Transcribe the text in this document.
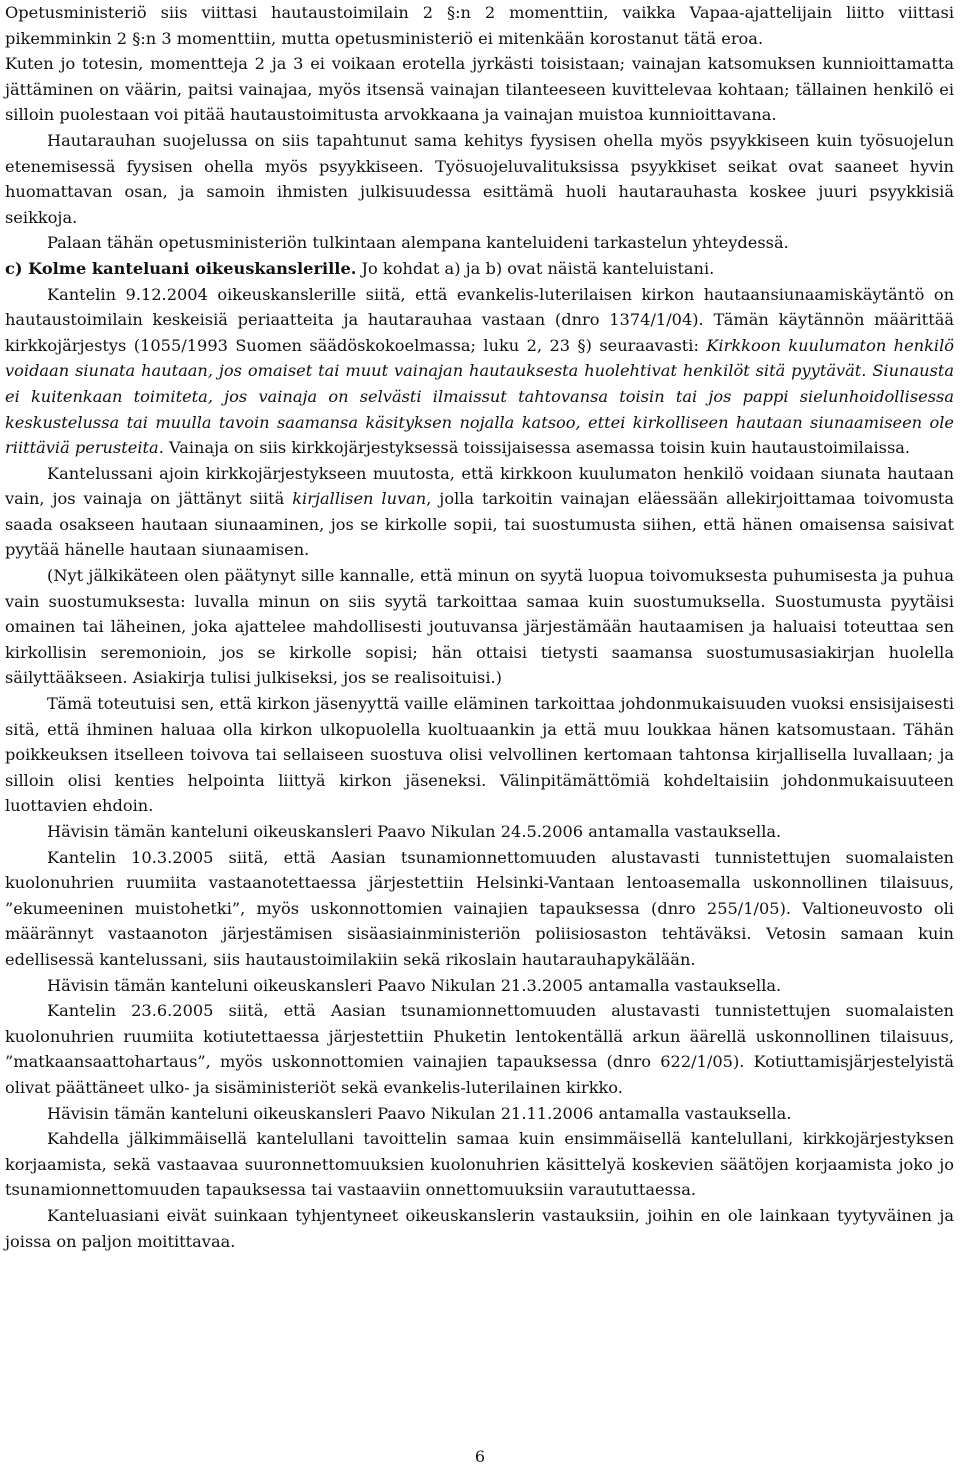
Opetusministeriö siis viittasi hautaustoimilain 2 §:n 2 momenttiin, vaikka Vapaa-ajattelijain liitto viittasi pikemminkin 2 §:n 3 momenttiin, mutta opetusministeriö ei mitenkään korostanut tätä eroa.

Kuten jo totesin, momentteja 2 ja 3 ei voikaan erotella jyrkästi toisistaan; vainajan katsomuksen kunnioittamatta jättäminen on väärin, paitsi vainajaa, myös itsensä vainajan tilanteeseen kuvittelevaa kohtaan; tällainen henkilö ei silloin puolestaan voi pitää hautaustoimitusta arvokkaana ja vainajan muistoa kunnioittavana.

Hautarauhan suojelussa on siis tapahtunut sama kehitys fyysisen ohella myös psyykkiseen kuin työsuojelun etenemisessä fyysisen ohella myös psyykkiseen. Työsuojeluvalituksissa psyykkiset seikat ovat saaneet hyvin huomattavan osan, ja samoin ihmisten julkisuudessa esittämä huoli hautarauhasta koskee juuri psyykkisiä seikkoja.

Palaan tähän opetusministeriön tulkintaan alempana kanteluideni tarkastelun yhteydessä.

c) Kolme kanteluani oikeuskanslerille. Jo kohdat a) ja b) ovat näistä kanteluistani.

Kantelin 9.12.2004 oikeuskanslerille siitä, että evankelis-luterilaisen kirkon hautaansiunaamiskäytäntö on hautaustoimilain keskeisiä periaatteita ja hautarauhaa vastaan (dnro 1374/1/04). Tämän käytännön määrittää kirkkojärjestys (1055/1993 Suomen säädöskokoelmassa; luku 2, 23 §) seuraavasti: Kirkkoon kuulumaton henkilö voidaan siunata hautaan, jos omaiset tai muut vainajan hautauksesta huolehtivat henkilöt sitä pyytävät. Siunausta ei kuitenkaan toimiteta, jos vainaja on selvästi ilmaissut tahtovansa toisin tai jos pappi sielunhoidollisessa keskustelussa tai muulla tavoin saamansa käsityksen nojalla katsoo, ettei kirkolliseen hautaan siunaamiseen ole riittäviä perusteita. Vainaja on siis kirkkojärjestyksessä toissijaisessa asemassa toisin kuin hautaustoimilaissa.

Kantelussani ajoin kirkkojärjestykseen muutosta, että kirkkoon kuulumaton henkilö voidaan siunata hautaan vain, jos vainaja on jättänyt siitä kirjallisen luvan, jolla tarkoitin vainajan eläessään allekirjoittamaa toivomusta saada osakseen hautaan siunaaminen, jos se kirkolle sopii, tai suostumusta siihen, että hänen omaisensa saisivat pyytää hänelle hautaan siunaamisen.

(Nyt jälkikäteen olen päätynyt sille kannalle, että minun on syytä luopua toivomuksesta puhumisesta ja puhua vain suostumuksesta: luvalla minun on siis syytä tarkoittaa samaa kuin suostumuksella. Suostumusta pyytäisi omainen tai läheinen, joka ajattelee mahdollisesti joutuvansa järjestämään hautaamisen ja haluaisi toteuttaa sen kirkollisin seremonioin, jos se kirkolle sopisi; hän ottaisi tietysti saamansa suostumusasiakirjan huolella säilyttääkseen. Asiakirja tulisi julkiseksi, jos se realisoituisi.)

Tämä toteutuisi sen, että kirkon jäsenyyttä vaille eläminen tarkoittaa johdonmukaisuuden vuoksi ensisijaisesti sitä, että ihminen haluaa olla kirkon ulkopuolella kuoltuaankin ja että muu loukkaa hänen katsomustaan. Tähän poikkeuksen itselleen toivova tai sellaiseen suostuva olisi velvollinen kertomaan tahtonsa kirjallisella luvallaan; ja silloin olisi kenties helpointa liittyä kirkon jäseneksi. Välinpitämättömiä kohdeltaisiin johdonmukaisuuteen luottavien ehdoin.

Hävisin tämän kanteluni oikeuskansleri Paavo Nikulan 24.5.2006 antamalla vastauksella.

Kantelin 10.3.2005 siitä, että Aasian tsunamionnettomuuden alustavasti tunnistettujen suomalaisten kuolonuhrien ruumiita vastaanotettaessa järjestettiin Helsinki-Vantaan lentoasemalla uskonnollinen tilaisuus, ”ekumeeninen muistohetki”, myös uskonnottomien vainajien tapauksessa (dnro 255/1/05). Valtioneuvosto oli määrännyt vastaanoton järjestämisen sisäasiainministeriön poliisiosaston tehtäväksi. Vetosin samaan kuin edellisessä kantelussani, siis hautaustoimilakiin sekä rikoslain hautarauhapykälään.

Hävisin tämän kanteluni oikeuskansleri Paavo Nikulan 21.3.2005 antamalla vastauksella.

Kantelin 23.6.2005 siitä, että Aasian tsunamionnettomuuden alustavasti tunnistettujen suomalaisten kuolonuhrien ruumiita kotiutettaessa järjestettiin Phuketin lentokentällä arkun äärellä uskonnollinen tilaisuus, ”matkaansaattohartaus”, myös uskonnottomien vainajien tapauksessa (dnro 622/1/05). Kotiuttamisjärjestelyistä olivat päättäneet ulko- ja sisäministeriöt sekä evankelis-luterilainen kirkko.

Hävisin tämän kanteluni oikeuskansleri Paavo Nikulan 21.11.2006 antamalla vastauksella.

Kahdella jälkimmäisellä kantelullani tavoittelin samaa kuin ensimmäisellä kantelullani, kirkkojärjestyksen korjaamista, sekä vastaavaa suuronnettomuuksien kuolonuhrien käsittelyä koskevien säätöjen korjaamista joko jo tsunamionnettomuuden tapauksessa tai vastaaviin onnettomuuksiin varaututtaessa.

Kanteluasiani eivät suinkaan tyhjentyneet oikeuskanslerin vastauksiin, joihin en ole lainkaan tyytyväinen ja joissa on paljon moitittavaa.

6
